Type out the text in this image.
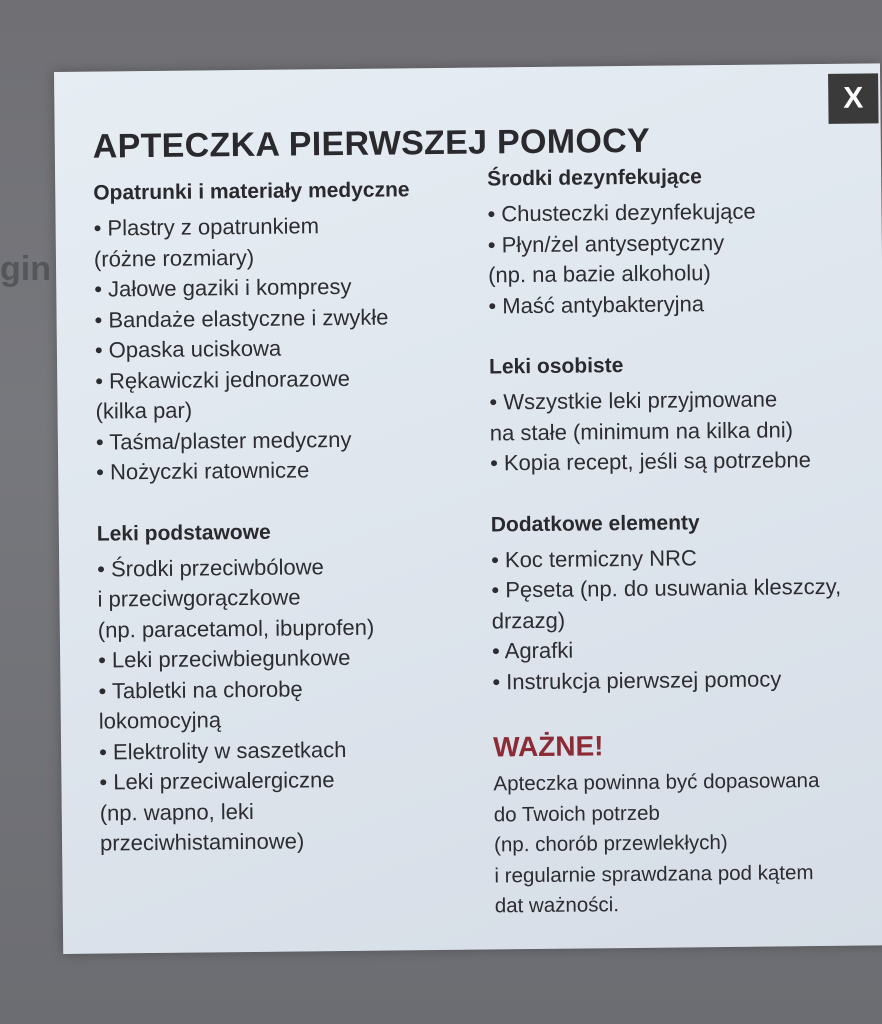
gin
X
APTECZKA PIERWSZEJ POMOCY
Opatrunki i materiały medyczne
• Plastry z opatrunkiem
(różne rozmiary)
• Jałowe gaziki i kompresy
• Bandaże elastyczne i zwykłe
• Opaska uciskowa
• Rękawiczki jednorazowe
(kilka par)
• Taśma/plaster medyczny
• Nożyczki ratownicze
Leki podstawowe
• Środki przeciwbólowe
i przeciwgorączkowe
(np. paracetamol, ibuprofen)
• Leki przeciwbiegunkowe
• Tabletki na chorobę
lokomocyjną
• Elektrolity w saszetkach
• Leki przeciwalergiczne
(np. wapno, leki
przeciwhistaminowe)
Środki dezynfekujące
• Chusteczki dezynfekujące
• Płyn/żel antyseptyczny
(np. na bazie alkoholu)
• Maść antybakteryjna
Leki osobiste
• Wszystkie leki przyjmowane
na stałe (minimum na kilka dni)
• Kopia recept, jeśli są potrzebne
Dodatkowe elementy
• Koc termiczny NRC
• Pęseta (np. do usuwania kleszczy,
drzazg)
• Agrafki
• Instrukcja pierwszej pomocy
WAŻNE!
Apteczka powinna być dopasowana
do Twoich potrzeb
(np. chorób przewlekłych)
i regularnie sprawdzana pod kątem
dat ważności.
